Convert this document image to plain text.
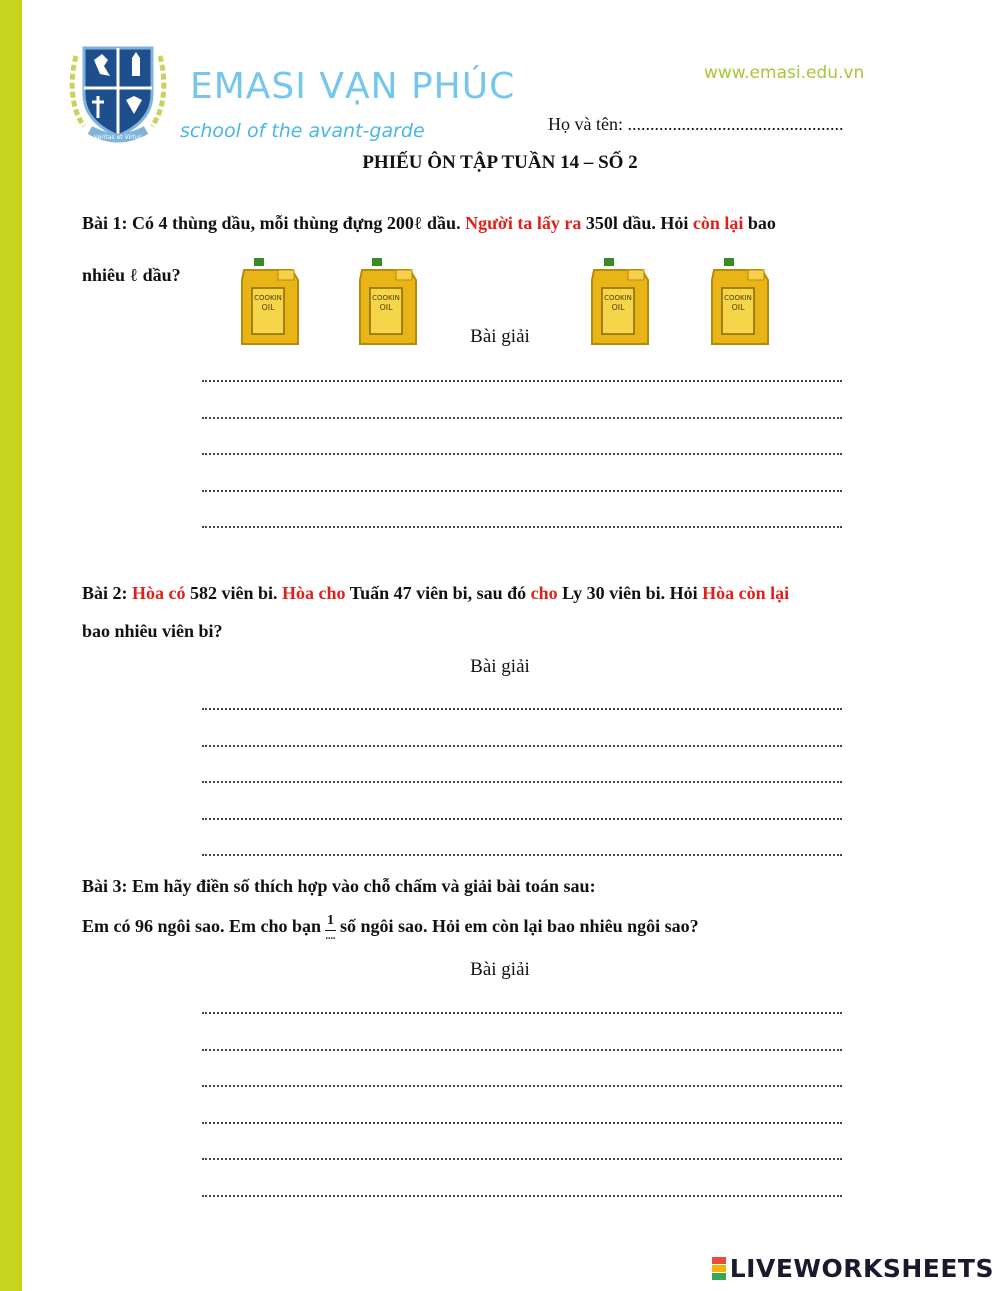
Veritas et Virtus
EMASI VẠN PHÚC
school of the avant-garde
www.emasi.edu.vn
Họ và tên: ................................................
PHIẾU ÔN TẬP TUẦN 14 – SỐ 2
Bài 1: Có 4 thùng dầu, mỗi thùng đựng 200ℓ dầu. Người ta lấy ra 350l dầu. Hỏi còn lại bao
nhiêu ℓ dầu?
COOKIN
OIL
COOKIN
OIL
COOKIN
OIL
COOKIN
OIL
Bài giải
Bài 2: Hòa có 582 viên bi. Hòa cho Tuấn 47 viên bi, sau đó cho Ly 30 viên bi. Hỏi Hòa còn lại
bao nhiêu viên bi?
Bài giải
Bài 3: Em hãy điền số thích hợp vào chỗ chấm và giải bài toán sau:
Em có 96 ngôi sao. Em cho bạn $\frac{1}{....}$ số ngôi sao. Hỏi em còn lại bao nhiêu ngôi sao?
Bài giải
LIVEWORKSHEETS
